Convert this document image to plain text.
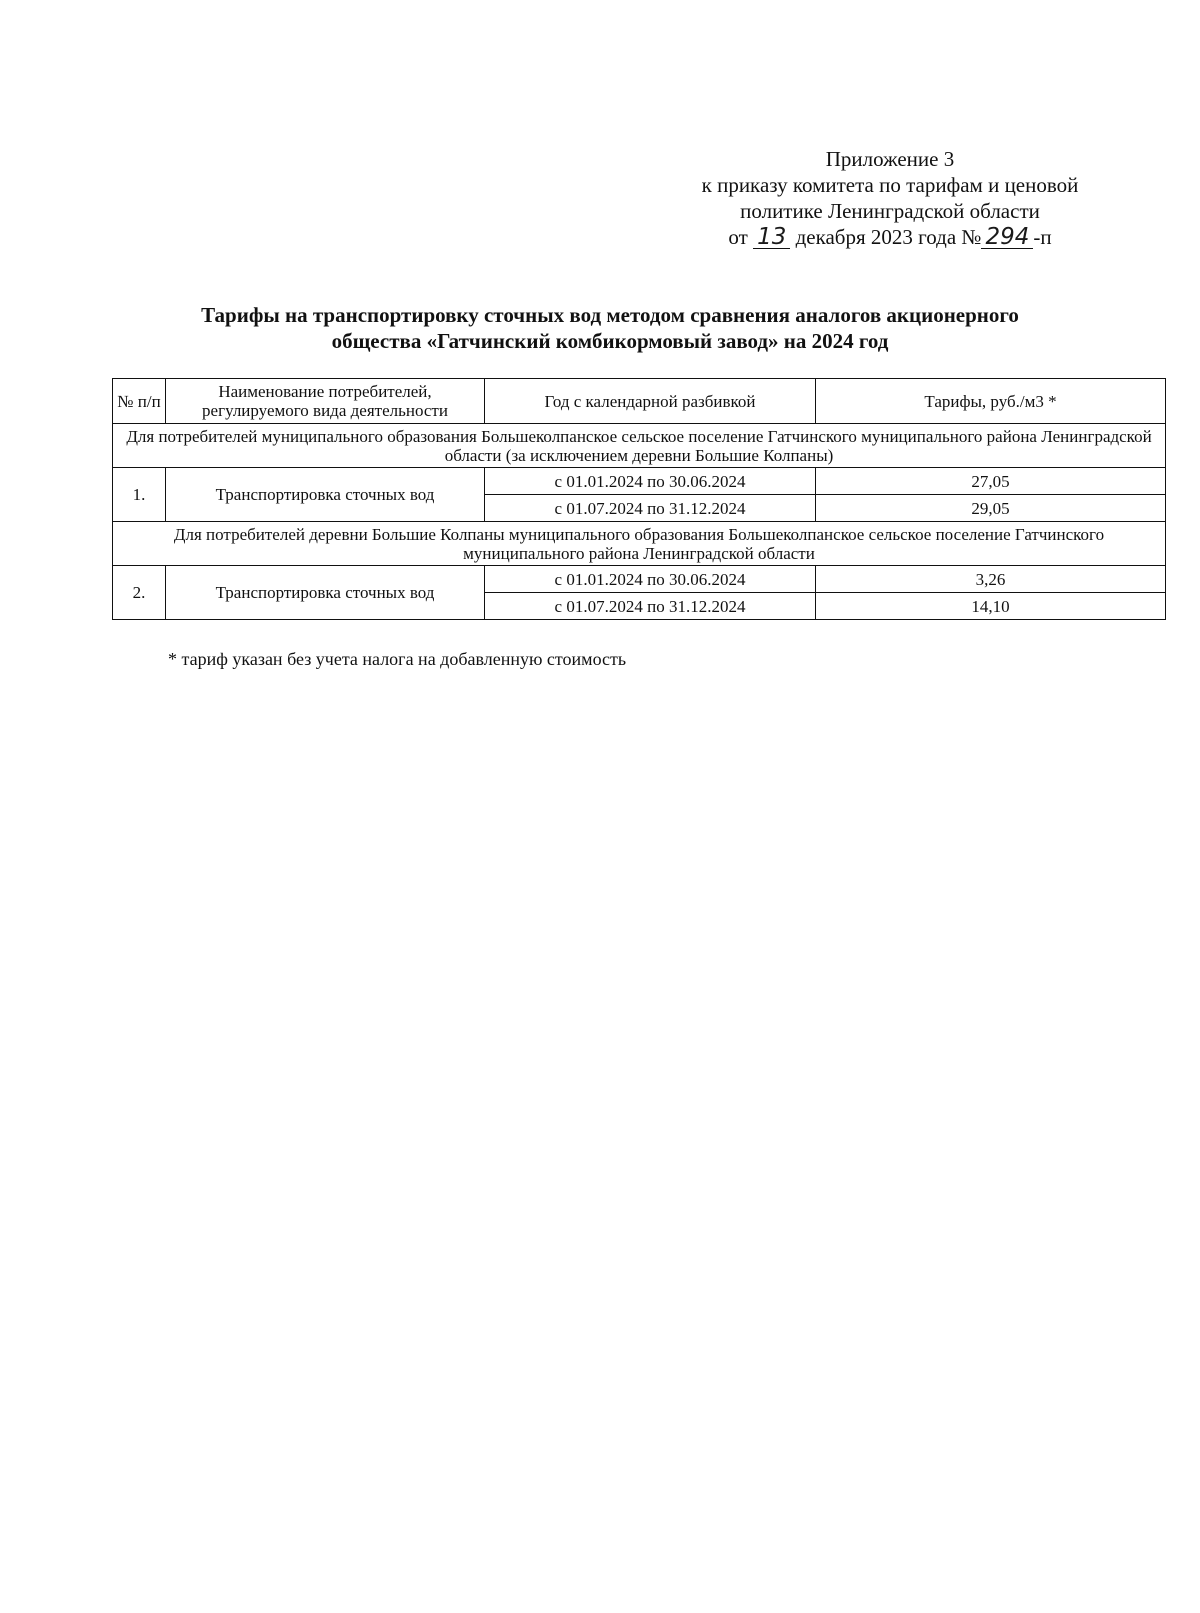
Приложение 3
к приказу комитета по тарифам и ценовой
политике Ленинградской области
от 13 декабря 2023 года № 294 -п
Тарифы на транспортировку сточных вод методом сравнения аналогов акционерного
общества «Гатчинский комбикормовый завод» на 2024 год
№ п/п	Наименование потребителей, регулируемого вида деятельности	Год с календарной разбивкой	Тарифы, руб./м3 *
Для потребителей муниципального образования Большеколпанское сельское поселение Гатчинского муниципального района Ленинградской области (за исключением деревни Большие Колпаны)			
1.	Транспортировка сточных вод	с 01.01.2024 по 30.06.2024	27,05
		с 01.07.2024 по 31.12.2024	29,05
Для потребителей деревни Большие Колпаны муниципального образования Большеколпанское сельское поселение Гатчинского муниципального района Ленинградской области			
2.	Транспортировка сточных вод	с 01.01.2024 по 30.06.2024	3,26
		с 01.07.2024 по 31.12.2024	14,10
* тариф указан без учета налога на добавленную стоимость
